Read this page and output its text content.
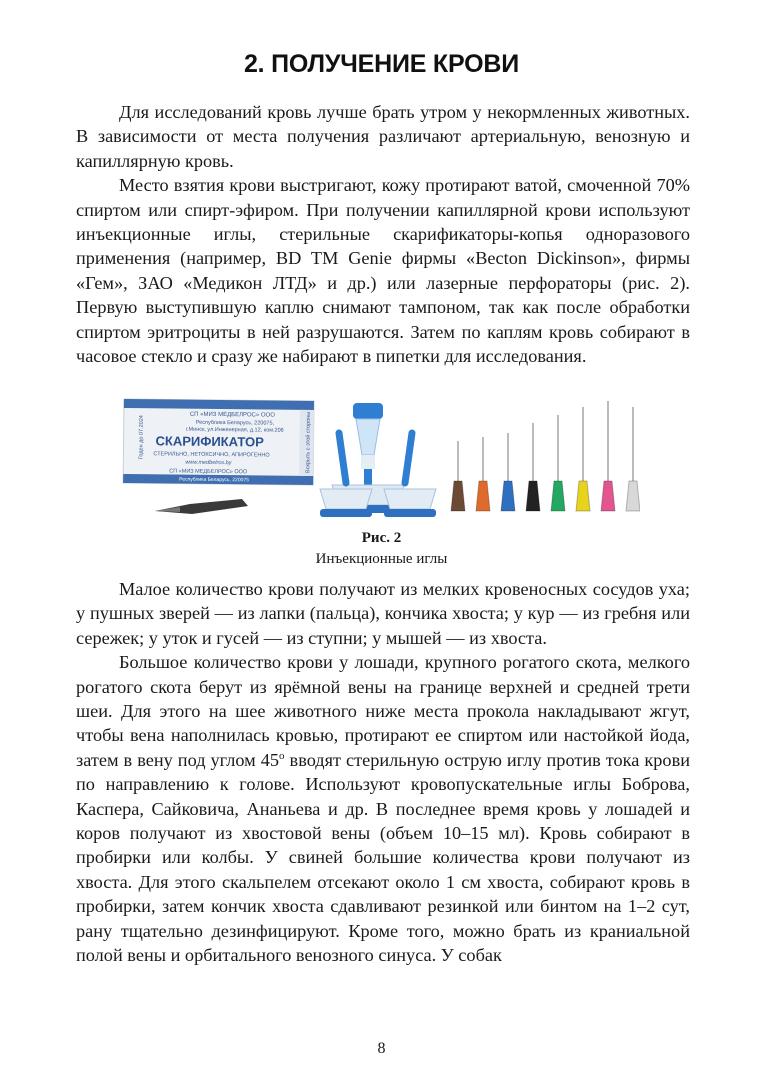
2. ПОЛУЧЕНИЕ КРОВИ

Для исследований кровь лучше брать утром у некормленных животных. В зависимости от места получения различают артериальную, венозную и капиллярную кровь.

Место взятия крови выстригают, кожу протирают ватой, смоченной 70% спиртом или спирт-эфиром. При получении капиллярной крови используют инъекционные иглы, стерильные скарификаторы-копья одноразового применения (например, BD TM Genie фирмы «Becton Dickinson», фирмы «Гем», ЗАО «Медикон ЛТД» и др.) или лазерные перфораторы (рис. 2). Первую выступившую каплю снимают тампоном, так как после обработки спиртом эритроциты в ней разрушаются. Затем по каплям кровь собирают в часовое стекло и сразу же набирают в пипетки для исследования.

СП «МИЗ МЕДБЕЛРОС» ООО
Республика Беларусь, 220075,
г.Минск, ул.Инженерная, д.12, ком.206
СКАРИФИКАТОР
СТЕРИЛЬНО, НЕТОКСИЧНО, АПИРОГЕННО
www.medbelros.by
СП «МИЗ МЕДБЕЛРОС» ООО
Республика Беларусь, 220075
Годен до 07.2024	Вскрыть с этой стороны
Рис. 2
Инъекционные иглы

Малое количество крови получают из мелких кровеносных сосудов уха; у пушных зверей — из лапки (пальца), кончика хвоста; у кур — из гребня или сережек; у уток и гусей — из ступни; у мышей — из хвоста.

Большое количество крови у лошади, крупного рогатого скота, мелкого рогатого скота берут из ярёмной вены на границе верхней и средней трети шеи. Для этого на шее животного ниже места прокола накладывают жгут, чтобы вена наполнилась кровью, протирают ее спиртом или настойкой йода, затем в вену под углом 45$^o$ вводят стерильную острую иглу против тока крови по направлению к голове. Используют кровопускательные иглы Боброва, Каспера, Сайковича, Ананьева и др. В последнее время кровь у лошадей и коров получают из хвостовой вены (объем 10–15 мл). Кровь собирают в пробирки или колбы. У свиней большие количества крови получают из хвоста. Для этого скальпелем отсекают около 1 см хвоста, собирают кровь в пробирки, затем кончик хвоста сдавливают резинкой или бинтом на 1–2 сут, рану тщательно дезинфицируют. Кроме того, можно брать из краниальной полой вены и орбитального венозного синуса. У собак

8
